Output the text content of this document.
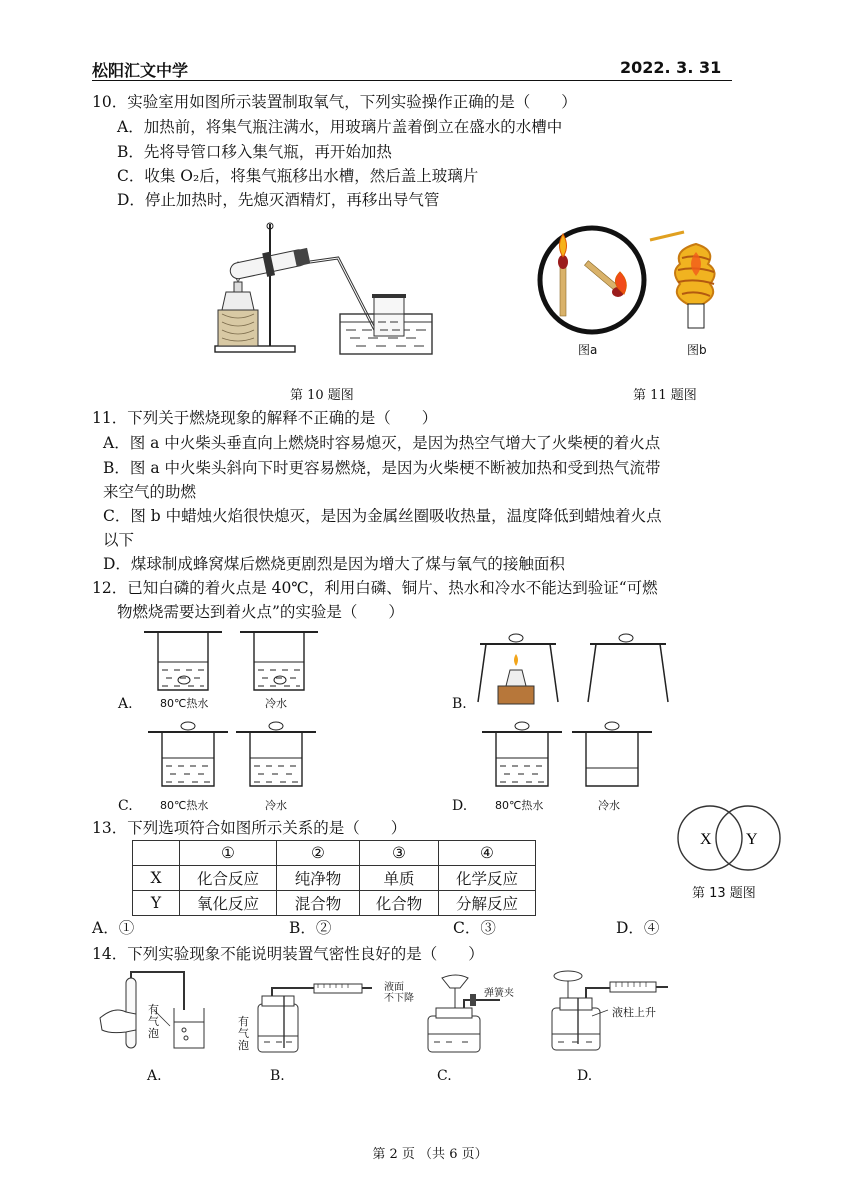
松阳汇文中学	2022. 3. 31
10．实验室用如图所示装置制取氧气，下列实验操作正确的是（　　）
A．加热前，将集气瓶注满水，用玻璃片盖着倒立在盛水的水槽中
B．先将导管口移入集气瓶，再开始加热
C．收集 O₂后，将集气瓶移出水槽，然后盖上玻璃片
D．停止加热时，先熄灭酒精灯，再移出导气管
图a	图b
第 10 题图	第 11 题图
11．下列关于燃烧现象的解释不正确的是（　　）
A．图 a 中火柴头垂直向上燃烧时容易熄灭，是因为热空气增大了火柴梗的着火点
B．图 a 中火柴头斜向下时更容易燃烧，是因为火柴梗不断被加热和受到热气流带
来空气的助燃
C．图 b 中蜡烛火焰很快熄灭，是因为金属丝圈吸收热量，温度降低到蜡烛着火点
以下
D．煤球制成蜂窝煤后燃烧更剧烈是因为增大了煤与氧气的接触面积
12．已知白磷的着火点是 40℃，利用白磷、铜片、热水和冷水不能达到验证“可燃
物燃烧需要达到着火点”的实验是（　　）
A. 80℃热水	冷水	B.
C. 80℃热水	冷水	D.	80℃热水	冷水
13．下列选项符合如图所示关系的是（　　）
	①	②	③	④
X	化合反应	纯净物	单质	化学反应
Y	氧化反应	混合物	化合物	分解反应
A．①	B．②	C．③	D．④
X Y
第 13 题图
14．下列实验现象不能说明装置气密性良好的是（　　）
有
气
泡
有
气
泡
液面
不下降	弹簧夹
液柱上升
A.	B.	C.	D.
第 2 页 （共 6 页）
